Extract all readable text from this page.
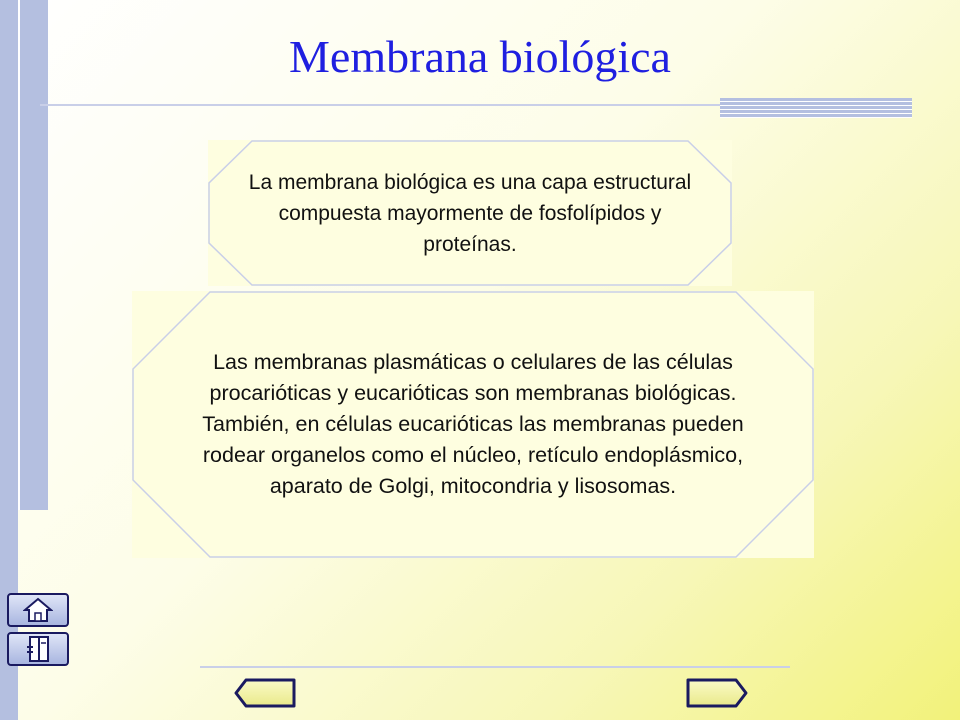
Membrana biológica
La membrana biológica es una capa estructural compuesta mayormente de fosfolípidos y proteínas.
Las membranas plasmáticas o celulares de las células procarióticas y eucarióticas son membranas biológicas. También, en células eucarióticas las membranas pueden rodear organelos como el núcleo, retículo endoplásmico, aparato de Golgi, mitocondria y lisosomas.
